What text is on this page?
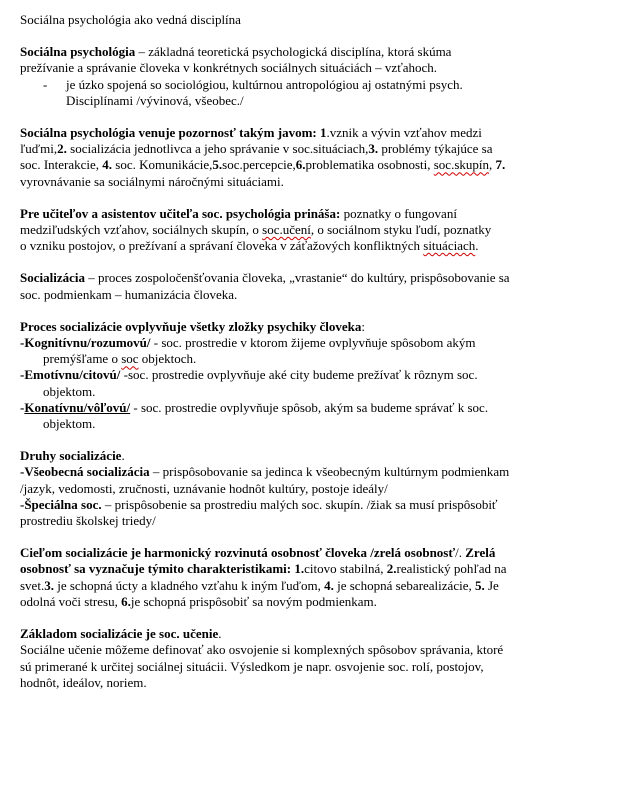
Sociálna psychológia ako vedná disciplína

Sociálna psychológia – základná teoretická psychologická disciplína, ktorá skúma

prežívanie a správanie človeka v konkrétnych sociálnych situáciách – vzťahoch.

- je úzko spojená so sociológiou, kultúrnou antropológiou aj ostatnými psych.

Disciplínami /vývinová, všeobec./

Sociálna psychológia venuje pozornosť takým javom: 1.vznik a vývin vzťahov medzi

ľuďmi,2. socializácia jednotlivca a jeho správanie v soc.situáciach,3. problémy týkajúce sa

soc. Interakcie, 4. soc. Komunikácie,5.soc.percepcie,6.problematika osobnosti, soc.skupín, 7.

vyrovnávanie sa sociálnymi náročnými situáciami.

Pre učiteľov a asistentov učiteľa soc. psychológia prináša: poznatky o fungovaní

medziľudských vzťahov, sociálnych skupín, o soc.učení, o sociálnom styku ľudí, poznatky

o vzniku postojov, o prežívaní a správaní človeka v záťažových konfliktných situáciach.

Socializácia – proces zospoločenšťovania človeka, „vrastanie“ do kultúry, prispôsobovanie sa

soc. podmienkam – humanizácia človeka.

Proces socializácie ovplyvňuje všetky zložky psychiky človeka:

-Kognitívnu/rozumovú/ - soc. prostredie v ktorom žijeme ovplyvňuje spôsobom akým

premýšľame o soc objektoch.

-Emotívnu/citovú/ -soc. prostredie ovplyvňuje aké city budeme prežívať k rôznym soc.

objektom.

-Konatívnu/vôľovú/ - soc. prostredie ovplyvňuje spôsob, akým sa budeme správať k soc.

objektom.

Druhy socializácie.

-Všeobecná socializácia – prispôsobovanie sa jedinca k všeobecným kultúrnym podmienkam

/jazyk, vedomosti, zručnosti, uznávanie hodnôt kultúry, postoje ideály/

-Špeciálna soc. – prispôsobenie sa prostrediu malých soc. skupín. /žiak sa musí prispôsobiť

prostrediu školskej triedy/

Cieľom socializácie je harmonický rozvinutá osobnosť človeka /zrelá osobnosť/. Zrelá

osobnosť sa vyznačuje týmito charakteristikami: 1.citovo stabilná, 2.realistický pohľad na

svet.3. je schopná úcty a kladného vzťahu k iným ľuďom, 4. je schopná sebarealizácie, 5. Je

odolná voči stresu, 6.je schopná prispôsobiť sa novým podmienkam.

Základom socializácie je soc. učenie.

Sociálne učenie môžeme definovať ako osvojenie si komplexných spôsobov správania, ktoré

sú primerané k určitej sociálnej situácii. Výsledkom je napr. osvojenie soc. rolí, postojov,

hodnôt, ideálov, noriem.
